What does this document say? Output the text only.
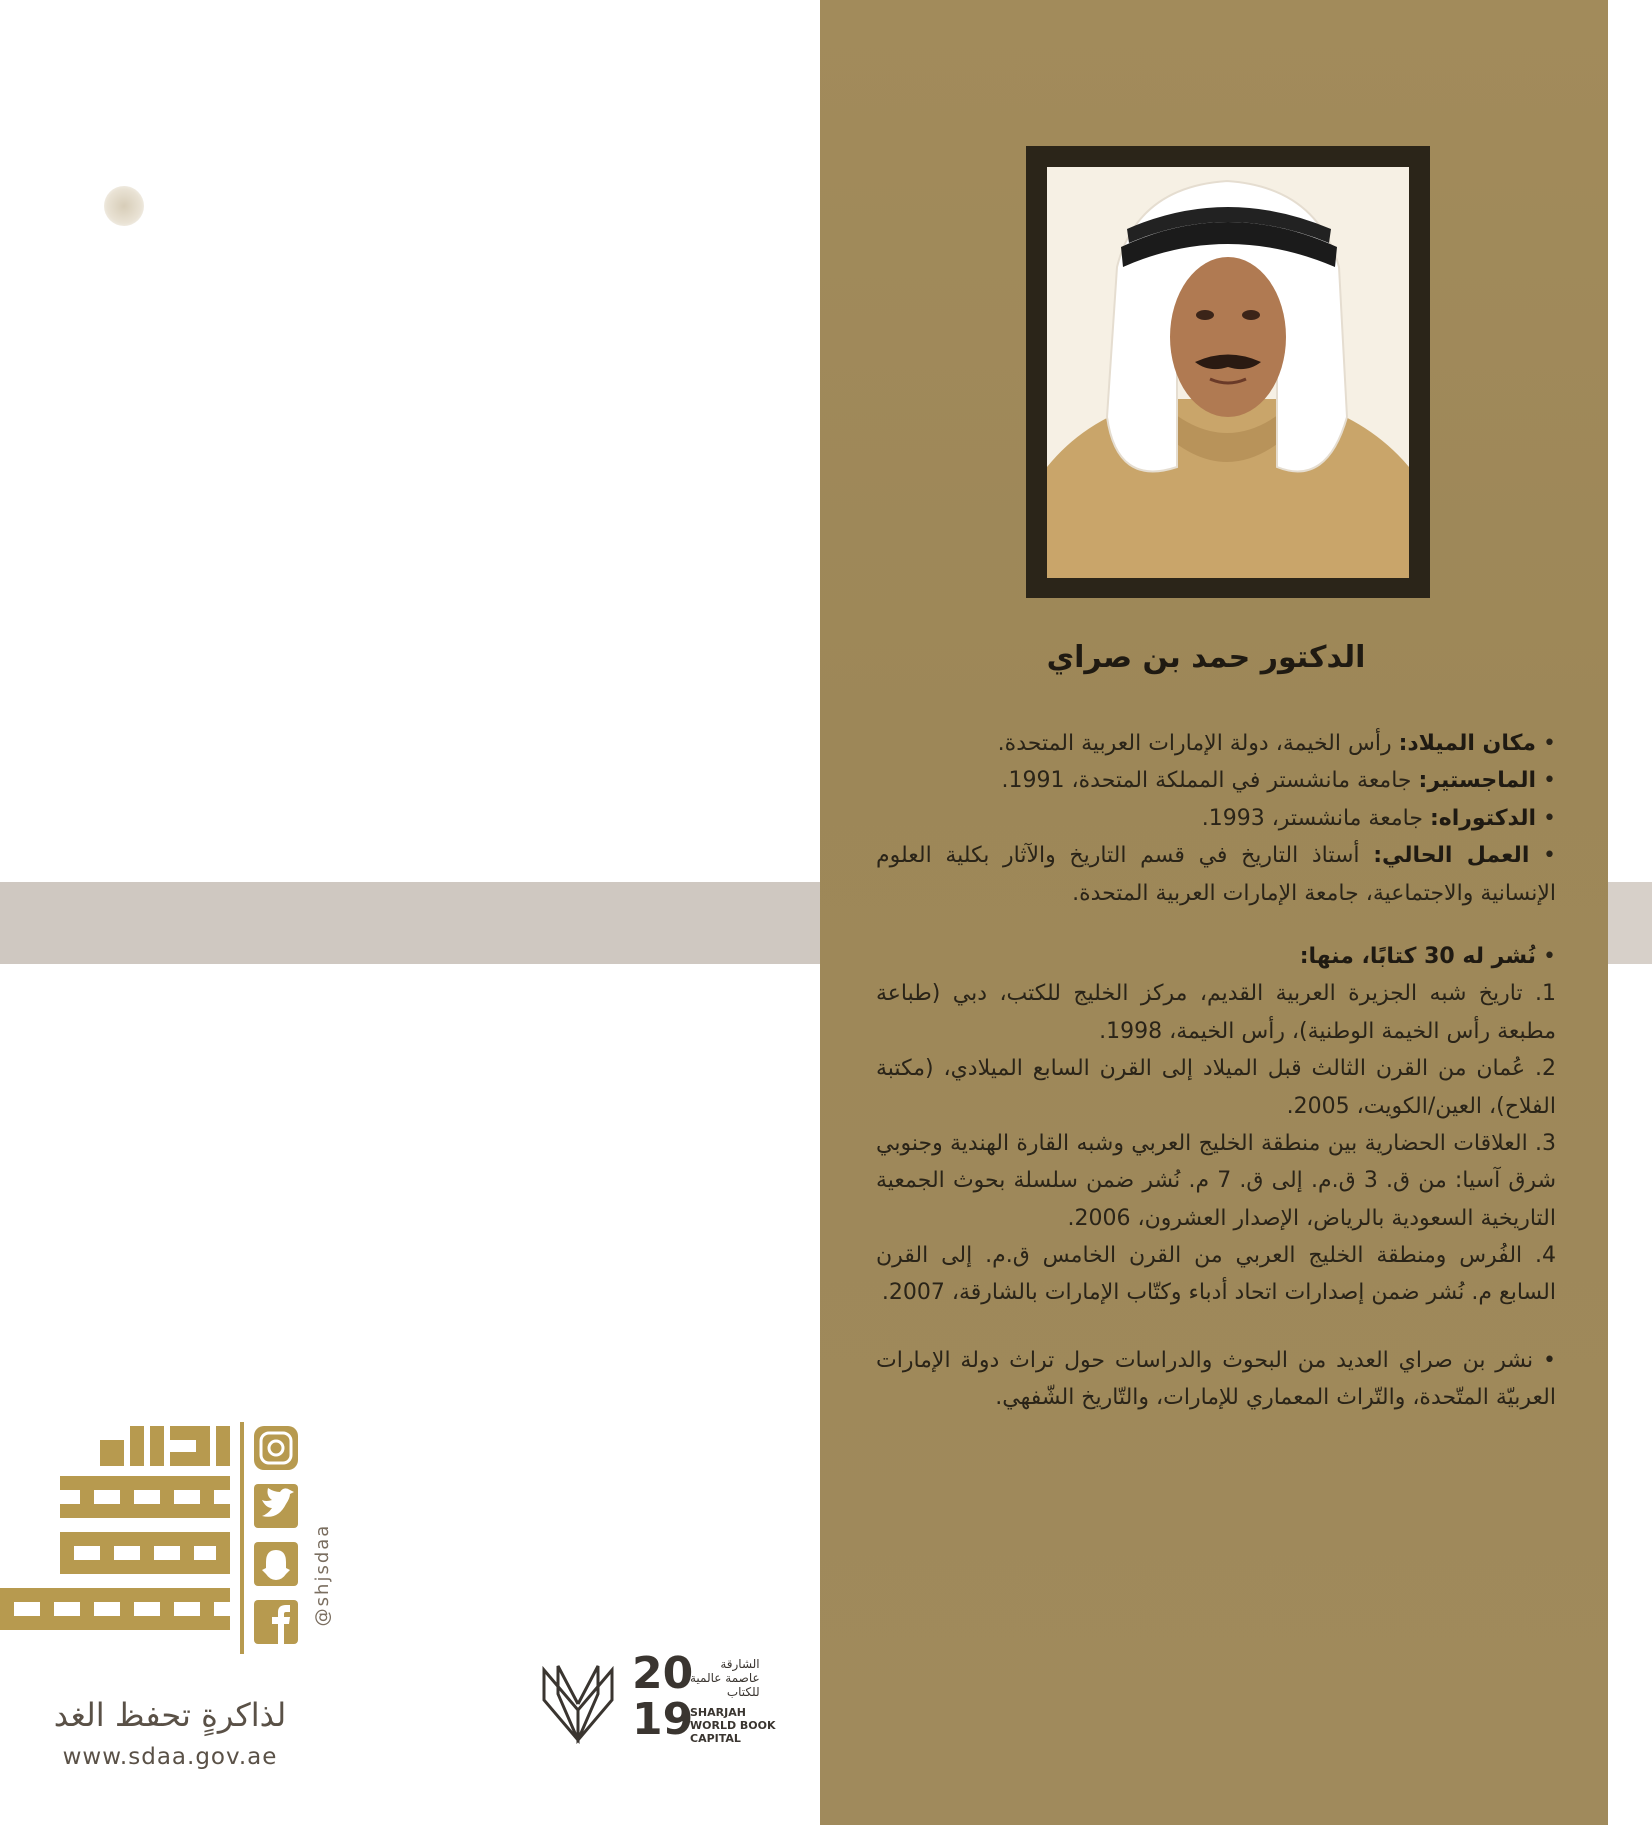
الدكتور حمد بن صراي

• مكان الميلاد: رأس الخيمة، دولة الإمارات العربية المتحدة.

• الماجستير: جامعة مانشستر في المملكة المتحدة، 1991.

• الدكتوراه: جامعة مانشستر، 1993.

• العمل الحالي: أستاذ التاريخ في قسم التاريخ والآثار بكلية العلوم الإنسانية والاجتماعية، جامعة الإمارات العربية المتحدة.

• نُشر له 30 كتابًا، منها:

1. تاريخ شبه الجزيرة العربية القديم، مركز الخليج للكتب، دبي (طباعة مطبعة رأس الخيمة الوطنية)، رأس الخيمة، 1998.

2. عُمان من القرن الثالث قبل الميلاد إلى القرن السابع الميلادي، (مكتبة الفلاح)، العين/الكويت، 2005.

3. العلاقات الحضارية بين منطقة الخليج العربي وشبه القارة الهندية وجنوبي شرق آسيا: من ق. 3 ق.م. إلى ق. 7 م. نُشر ضمن سلسلة بحوث الجمعية التاريخية السعودية بالرياض، الإصدار العشرون، 2006.

4. الفُرس ومنطقة الخليج العربي من القرن الخامس ق.م. إلى القرن السابع م. نُشر ضمن إصدارات اتحاد أدباء وكتّاب الإمارات بالشارقة، 2007.

• نشر بن صراي العديد من البحوث والدراسات حول تراث دولة الإمارات العربيّة المتّحدة، والتّراث المعماري للإمارات، والتّاريخ الشّفهي.

@shjsdaa
لذاكرةٍ تحفظ الغد
www.sdaa.gov.ae
20
19
الشارقة
عاصمة عالمية
للكتاب
SHARJAH
WORLD BOOK
CAPITAL
